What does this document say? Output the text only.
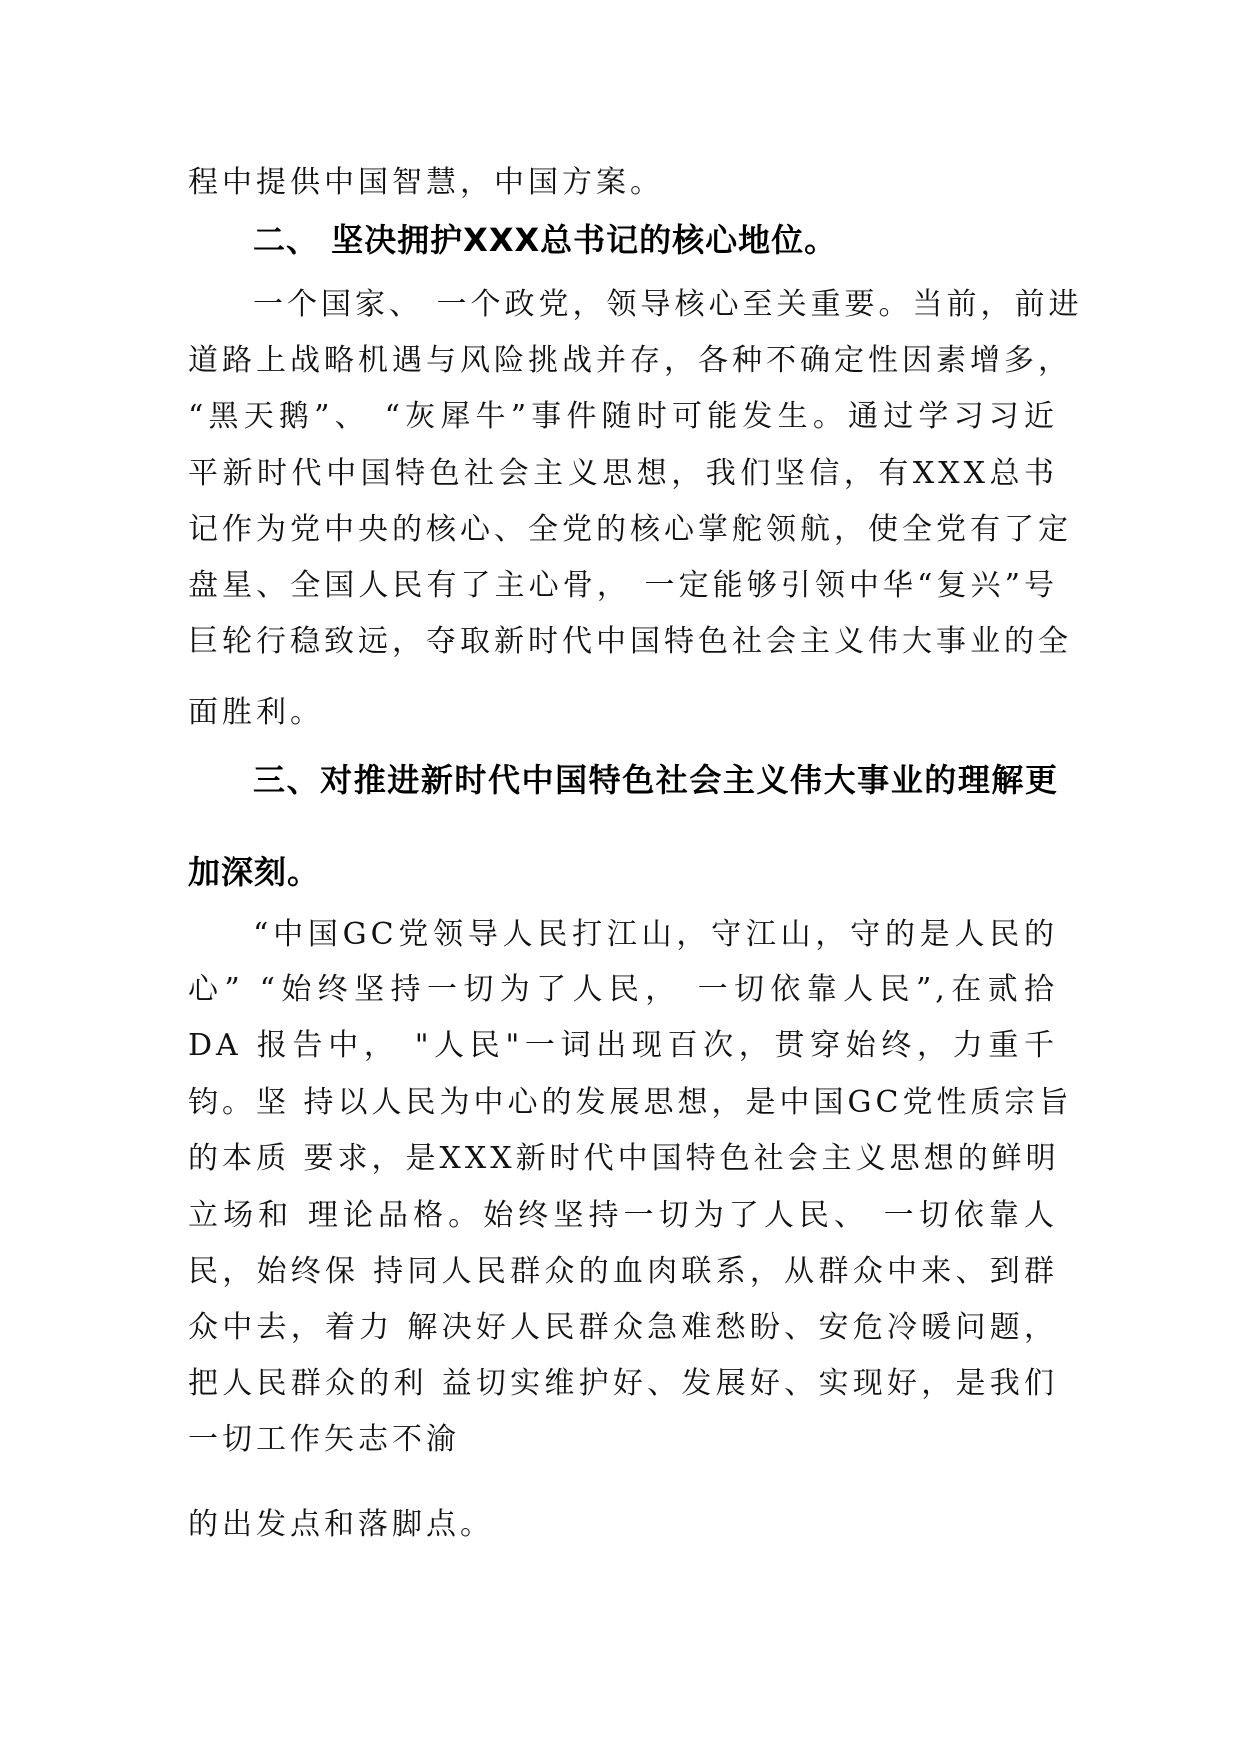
程中提供中国智慧，中国方案。
二、 坚决拥护XXX总书记的核心地位。
一个国家、 一个政党，领导核心至关重要。当前，前进
道路上战略机遇与风险挑战并存，各种不确定性因素增多，
“黑天鹅”、 “灰犀牛”事件随时可能发生。通过学习习近
平新时代中国特色社会主义思想，我们坚信，有XXX总书
记作为党中央的核心、全党的核心掌舵领航，使全党有了定
盘星、全国人民有了主心骨， 一定能够引领中华“复兴”号
巨轮行稳致远，夺取新时代中国特色社会主义伟大事业的全
面胜利。
三、对推进新时代中国特色社会主义伟大事业的理解更
加深刻。
“中国GC党领导人民打江山，守江山，守的是人民的
心” “始终坚持一切为了人民， 一切依靠人民”,在贰拾
DA 报告中， "人民"一词出现百次，贯穿始终，力重千
钧。坚 持以人民为中心的发展思想，是中国GC党性质宗旨
的本质 要求，是XXX新时代中国特色社会主义思想的鲜明
立场和 理论品格。始终坚持一切为了人民、 一切依靠人
民，始终保 持同人民群众的血肉联系，从群众中来、到群
众中去，着力 解决好人民群众急难愁盼、安危冷暖问题，
把人民群众的利 益切实维护好、发展好、实现好，是我们
一切工作矢志不渝
的出发点和落脚点。
